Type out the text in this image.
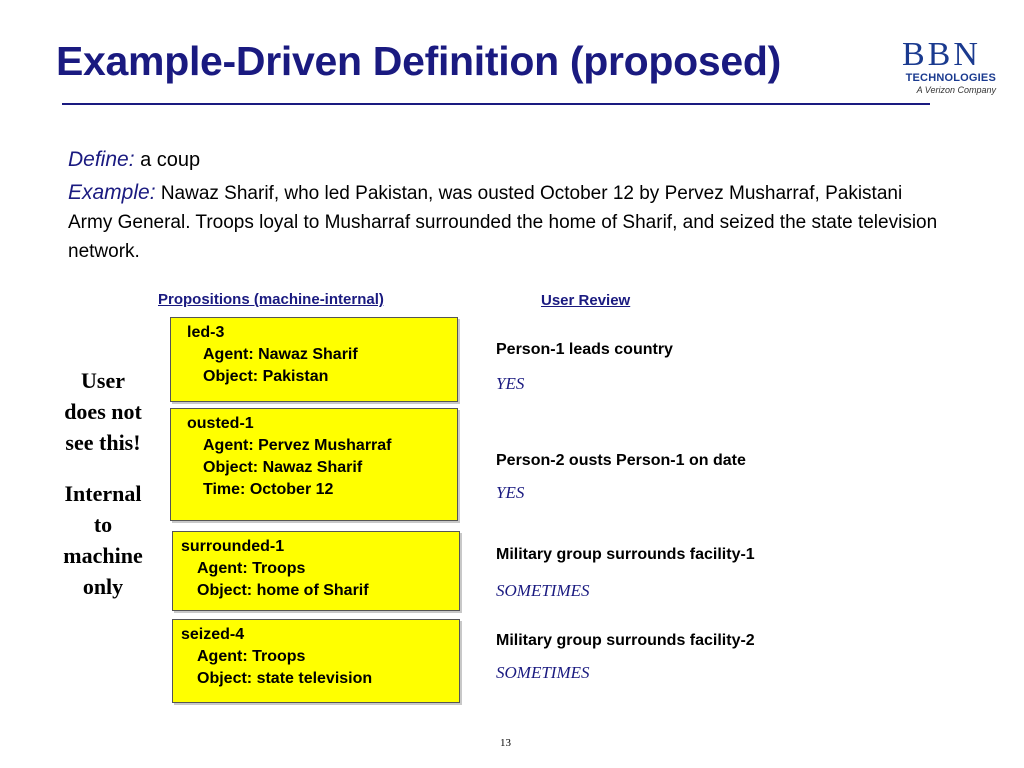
Example-Driven Definition (proposed)	BBN
TECHNOLOGIES
A Verizon Company
Define: a coup
Example: Nawaz Sharif, who led Pakistan, was ousted October 12 by Pervez Musharraf, Pakistani Army General. Troops loyal to Musharraf surrounded the home of Sharif, and seized the state television network.
Propositions (machine-internal)	User Review
led-3
Agent: Nawaz Sharif
Object: Pakistan
ousted-1
Agent: Pervez Musharraf
Object: Nawaz Sharif
Time: October 12
surrounded-1
Agent: Troops
Object: home of Sharif
seized-4
Agent: Troops
Object: state television
Person-1 leads country
YES
Person-2 ousts Person-1 on date
YES
Military group surrounds facility-1
SOMETIMES
Military group surrounds facility-2
SOMETIMES
User
does not
see this!
Internal
to
machine
only
13
